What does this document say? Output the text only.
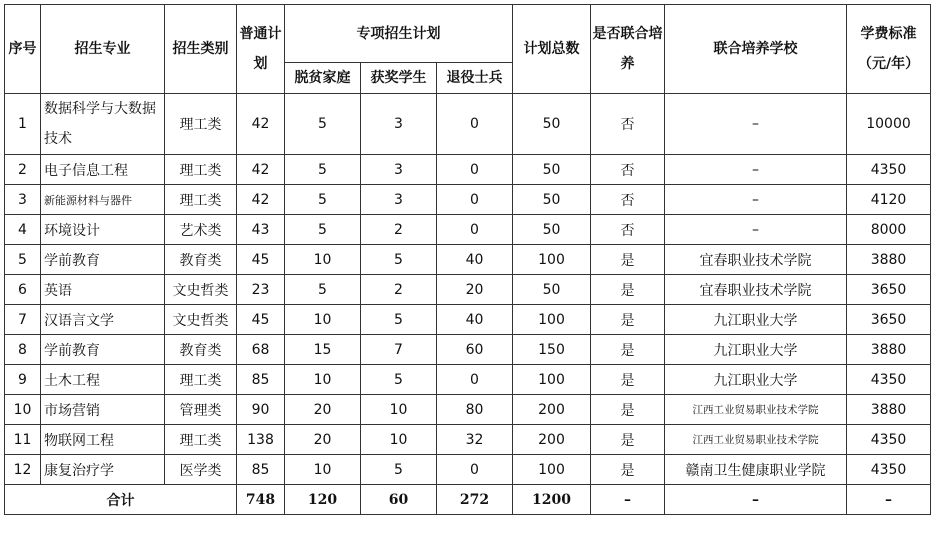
序号	招生专业	招生类别	普通计划	专项招生计划			计划总数	是否联合培养	联合培养学校	学费标准（元/年）
				脱贫家庭	获奖学生	退役士兵				
1	数据科学与大数据技术	理工类	42	5	3	0	50	否	–	10000
2	电子信息工程	理工类	42	5	3	0	50	否	–	4350
3	新能源材料与器件	理工类	42	5	3	0	50	否	–	4120
4	环境设计	艺术类	43	5	2	0	50	否	–	8000
5	学前教育	教育类	45	10	5	40	100	是	宜春职业技术学院	3880
6	英语	文史哲类	23	5	2	20	50	是	宜春职业技术学院	3650
7	汉语言文学	文史哲类	45	10	5	40	100	是	九江职业大学	3650
8	学前教育	教育类	68	15	7	60	150	是	九江职业大学	3880
9	土木工程	理工类	85	10	5	0	100	是	九江职业大学	4350
10	市场营销	管理类	90	20	10	80	200	是	江西工业贸易职业技术学院	3880
11	物联网工程	理工类	138	20	10	32	200	是	江西工业贸易职业技术学院	4350
12	康复治疗学	医学类	85	10	5	0	100	是	赣南卫生健康职业学院	4350
合计			748	120	60	272	1200	–	–	–
